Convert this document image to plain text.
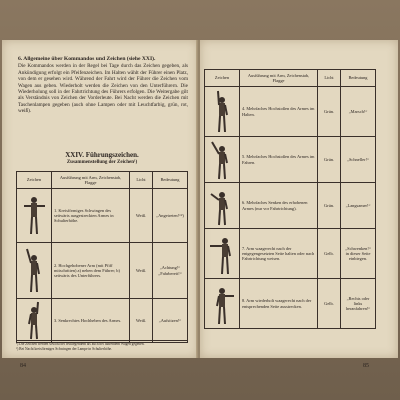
6. Allgemeine über Kommandos und Zeichen (siehe XXI).
Die Kommandos werden in der Regel bei Tage durch das Zeichen gegeben, als Ankündigung erfolgt ein Pfeifenzeichen. Im Halten wählt der Führer einen Platz, von dem er gesehen wird. Während der Fahrt wird der Führer die Zeichen vom Wagen aus geben. Wiederholt werden die Zeichen von den Unterführern. Die Wiederholung soll in der Fahrtrichtung des Führers erfolgen. Die Weitergabe gilt als Verständnis von Zeichen der Vorderleute. Bei Nacht werden die Zeichen mit Taschenlampen gegeben (auch ohne Lampen oder mit Leuchtfarbig, grün, rot, weiß).
XXIV. Führungszeichen.
Zusammenstellung der Zeichen¹)
Zeichen	Ausführung mit Arm, Zeichenstab, Flagge	Licht	Bedeutung

	1. Kreisförmiges Schwingen des seitwärts ausgestreckten Armes in Schulterhöhe.	Weiß.	„Angetreten!“²)

	2. Hochgehobener Arm (mit Pfiff mitschritten) a) neben dem Führer; b) seitwärts des Unterführers.	Weiß.	„Achtung!“ „Fahrbereit!“

	3. Senkrechtes Hochheben des Armes.	Weiß.	„Aufsitzen!“
¹) Die Zeichen werden sowohl bei festliegendem als auch bei fahrendem Wagen gegeben.
²) Bei Nacht kreisförmiges Schwingen der Lampe in Schulterhöhe.
84	85
Zeichen	Ausführung mit Arm, Zeichenstab, Flagge	Licht	Bedeutung

	4. Mehrfaches Hochstoßen des Armes im Halten.	Grün.	„Marsch!“

	5. Mehrfaches Hochstoßen des Armes im Fahren.	Grün.	„Schneller!“

	6. Mehrfaches Senken des erhobenen Armes (nur vor Fahrtrichtung).	Grün.	„Langsamer!“

	7. Arm waagerecht nach der entgegengesetzten Seite halten oder nach Fahrtrichtung weisen.	Gelb.	„Schwenken!“ in dieser Seite einbiegen.

	8. Arm wiederholt waagerecht nach der entsprechenden Seite ausstrecken.	Gelb.	„Rechts oder links heranfahren!“
